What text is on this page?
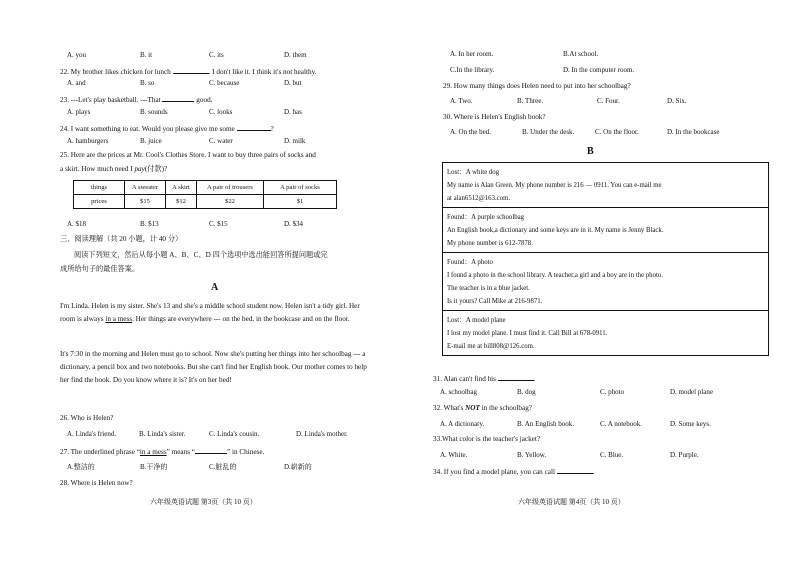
A. you	B. it	C. its	D. them
22. My brother likes chicken for lunch	. I don't like it. I think it's not healthy.
A. and	B. so	C. because	D. but
23. ---Let's play basketball. ---That	good.
A. plays	B. sounds	C. looks	D. has
24. I want something to eat. Would you please give me some	?
A. hamburgers	B. juice	C. water	D. milk
25. Here are the prices at Mr. Cool's Clothes Store. I want to buy three pairs of socks and
a skirt. How much need I pay(付款)?
things	A sweater	A skirt	A pair of trousers	A pair of socks
prices	$15	$12	$22	$1
A. $18	B. $13	C. $15	D. $34
三、阅读理解（共 20 小题，计 40 分）
阅读下列短文，然后从每小题 A、B、C、D 四个选项中选出能回答所提问题或完
成所给句子的最佳答案。
A
I'm Linda. Helen is my sister. She's 13 and she's a middle school student now. Helen isn't a tidy girl. Her room is always in a mess. Her things are everywhere --- on the bed, in the bookcase and on the floor.
It's 7:30 in the morning and Helen must go to school. Now she's putting her things into her schoolbag --- a dictionary, a pencil box and two notebooks. But she can't find her English book. Our mother comes to help her find the book. Do you know where it is? It's on her bed!
26. Who is Helen?
A. Linda's friend.	B. Linda's sister.	C. Linda's cousin.	D. Linda's mother.
27. The underlined phrase “in a mess” means “	” in Chinese.
A.整洁的	B.干净的	C.脏乱的	D.崭新的
28. Where is Helen now?
六年级英语试题 第3页（共 10 页）
A. In her room.	B.At school.
C.In the library.	D. In the computer room.
29. How many things does Helen need to put into her schoolbag?
A. Two.	B. Three.	C. Four.	D. Six.
30. Where is Helen's English book?
A. On the bed.	B. Under the desk.	C. On the floor.	D. In the bookcase
B
Lost：A white dog
My name is Alan Green. My phone number is 216 — 0911. You can e-mail me
at alan6512@163.com.
Found：A purple schoolbag
An English book,a dictionary and some keys are in it. My name is Jenny Black.
My phone number is 612-7878.
Found：A photo
I found a photo in the school library. A teacher,a girl and a boy are in the photo.
The teacher is in a blue jacket.
Is it yours? Call Mike at 216-9871.
Lost：A model plane
I lost my model plane. I must find it. Call Bill at 678-0911.
E-mail me at bill808@126.com.
31. Alan can't find his	.
A. schoolbag	B. dog	C. photo	D. model plane
32. What's NOT in the schoolbag?
A. A dictionary.	B. An English book.	C. A notebook.	D. Some keys.
33.What color is the teacher's jacket?
A. White.	B. Yellow.	C. Blue.	D. Purple.
34. If you find a model plane, you can call	.
六年级英语试题 第4页（共 10 页）
